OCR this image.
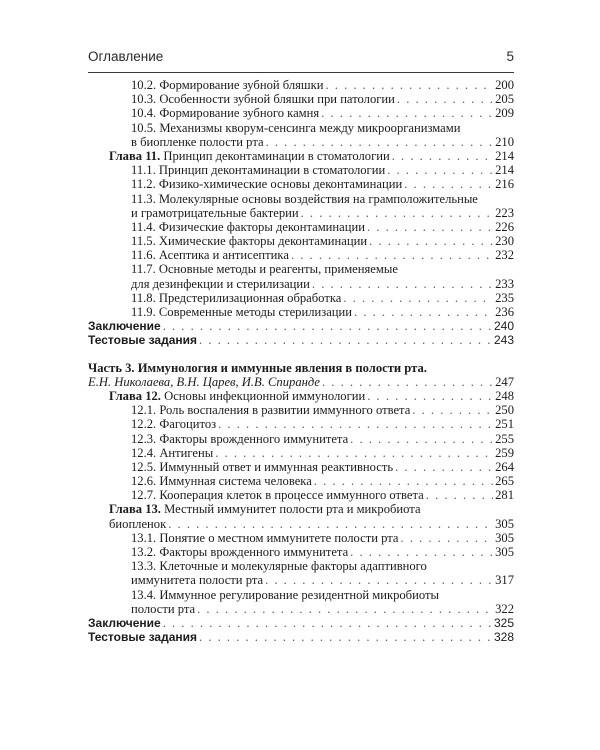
Оглавление	5
10.2. Формирование зубной бляшки . . .	200
10.3. Особенности зубной бляшки при патологии . . .	205
10.4. Формирование зубного камня . . .	209
10.5. Механизмы кворум-сенсинга между микроорганизмами
в биопленке полости рта . . .	210
Глава 11. Принцип деконтаминации в стоматологии . . .	214
11.1. Принцип деконтаминации в стоматологии . . .	214
11.2. Физико-химические основы деконтаминации . . .	216
11.3. Молекулярные основы воздействия на грамположительные
и грамотрицательные бактерии . . .	223
11.4. Физические факторы деконтаминации . . .	226
11.5. Химические факторы деконтаминации . . .	230
11.6. Асептика и антисептика . . .	232
11.7. Основные методы и реагенты, применяемые
для дезинфекции и стерилизации . . .	233
11.8. Предстерилизационная обработка . . .	235
11.9. Современные методы стерилизации . . .	236
Заключение . . .	240
Тестовые задания . . .	243
Часть 3. Иммунология и иммунные явления в полости рта.
Е.Н. Николаева, В.Н. Царев, И.В. Спиранде . . .	247
Глава 12. Основы инфекционной иммунологии . . .	248
12.1. Роль воспаления в развитии иммунного ответа . . .	250
12.2. Фагоцитоз . . .	251
12.3. Факторы врожденного иммунитета . . .	255
12.4. Антигены . . .	259
12.5. Иммунный ответ и иммунная реактивность . . .	264
12.6. Иммунная система человека . . .	265
12.7. Кооперация клеток в процессе иммунного ответа . . .	281
Глава 13. Местный иммунитет полости рта и микробиота
биопленок . . .	305
13.1. Понятие о местном иммунитете полости рта . . .	305
13.2. Факторы врожденного иммунитета . . .	305
13.3. Клеточные и молекулярные факторы адаптивного
иммунитета полости рта . . .	317
13.4. Иммунное регулирование резидентной микробиоты
полости рта . . .	322
Заключение . . .	325
Тестовые задания . . .	328
